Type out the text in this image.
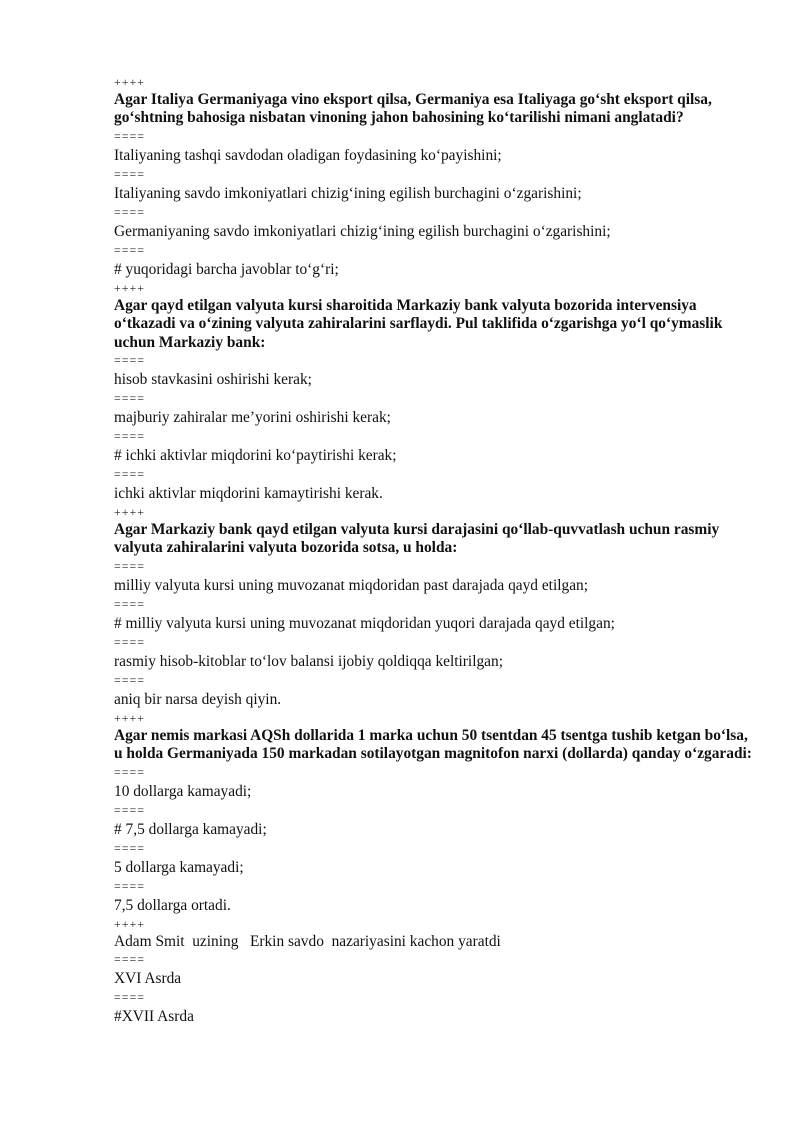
++++
Agar Italiya Germaniyaga vino eksport qilsa, Germaniya esa Italiyaga go‘sht eksport qilsa, go‘shtning bahosiga nisbatan vinoning jahon bahosining ko‘tarilishi nimani anglatadi?
====
Italiyaning tashqi savdodan oladigan foydasining ko‘payishini;
====
Italiyaning savdo imkoniyatlari chizig‘ining egilish burchagini o‘zgarishini;
====
Germaniyaning savdo imkoniyatlari chizig‘ining egilish burchagini o‘zgarishini;
====
# yuqoridagi barcha javoblar to‘g‘ri;
++++
Agar qayd etilgan valyuta kursi sharoitida Markaziy bank valyuta bozorida intervensiya o‘tkazadi va o‘zining valyuta zahiralarini sarflaydi. Pul taklifida o‘zgarishga yo‘l qo‘ymaslik uchun Markaziy bank:
====
hisob stavkasini oshirishi kerak;
====
majburiy zahiralar me’yorini oshirishi kerak;
====
# ichki aktivlar miqdorini ko‘paytirishi kerak;
====
ichki aktivlar miqdorini kamaytirishi kerak.
++++
Agar Markaziy bank qayd etilgan valyuta kursi darajasini qo‘llab-quvvatlash uchun rasmiy valyuta zahiralarini valyuta bozorida sotsa, u holda:
====
milliy valyuta kursi uning muvozanat miqdoridan past darajada qayd etilgan;
====
# milliy valyuta kursi uning muvozanat miqdoridan yuqori darajada qayd etilgan;
====
rasmiy hisob-kitoblar to‘lov balansi ijobiy qoldiqqa keltirilgan;
====
aniq bir narsa deyish qiyin.
++++
Agar nemis markasi AQSh dollarida 1 marka uchun 50 tsentdan 45 tsentga tushib ketgan bo‘lsa, u holda Germaniyada 150 markadan sotilayotgan magnitofon narxi (dollarda) qanday o‘zgaradi:
====
10 dollarga kamayadi;
====
# 7,5 dollarga kamayadi;
====
5 dollarga kamayadi;
====
7,5 dollarga ortadi.
++++
Adam Smit  uzining   Erkin savdo  nazariyasini kachon yaratdi
====
XVI Asrda
====
#XVII Asrda
